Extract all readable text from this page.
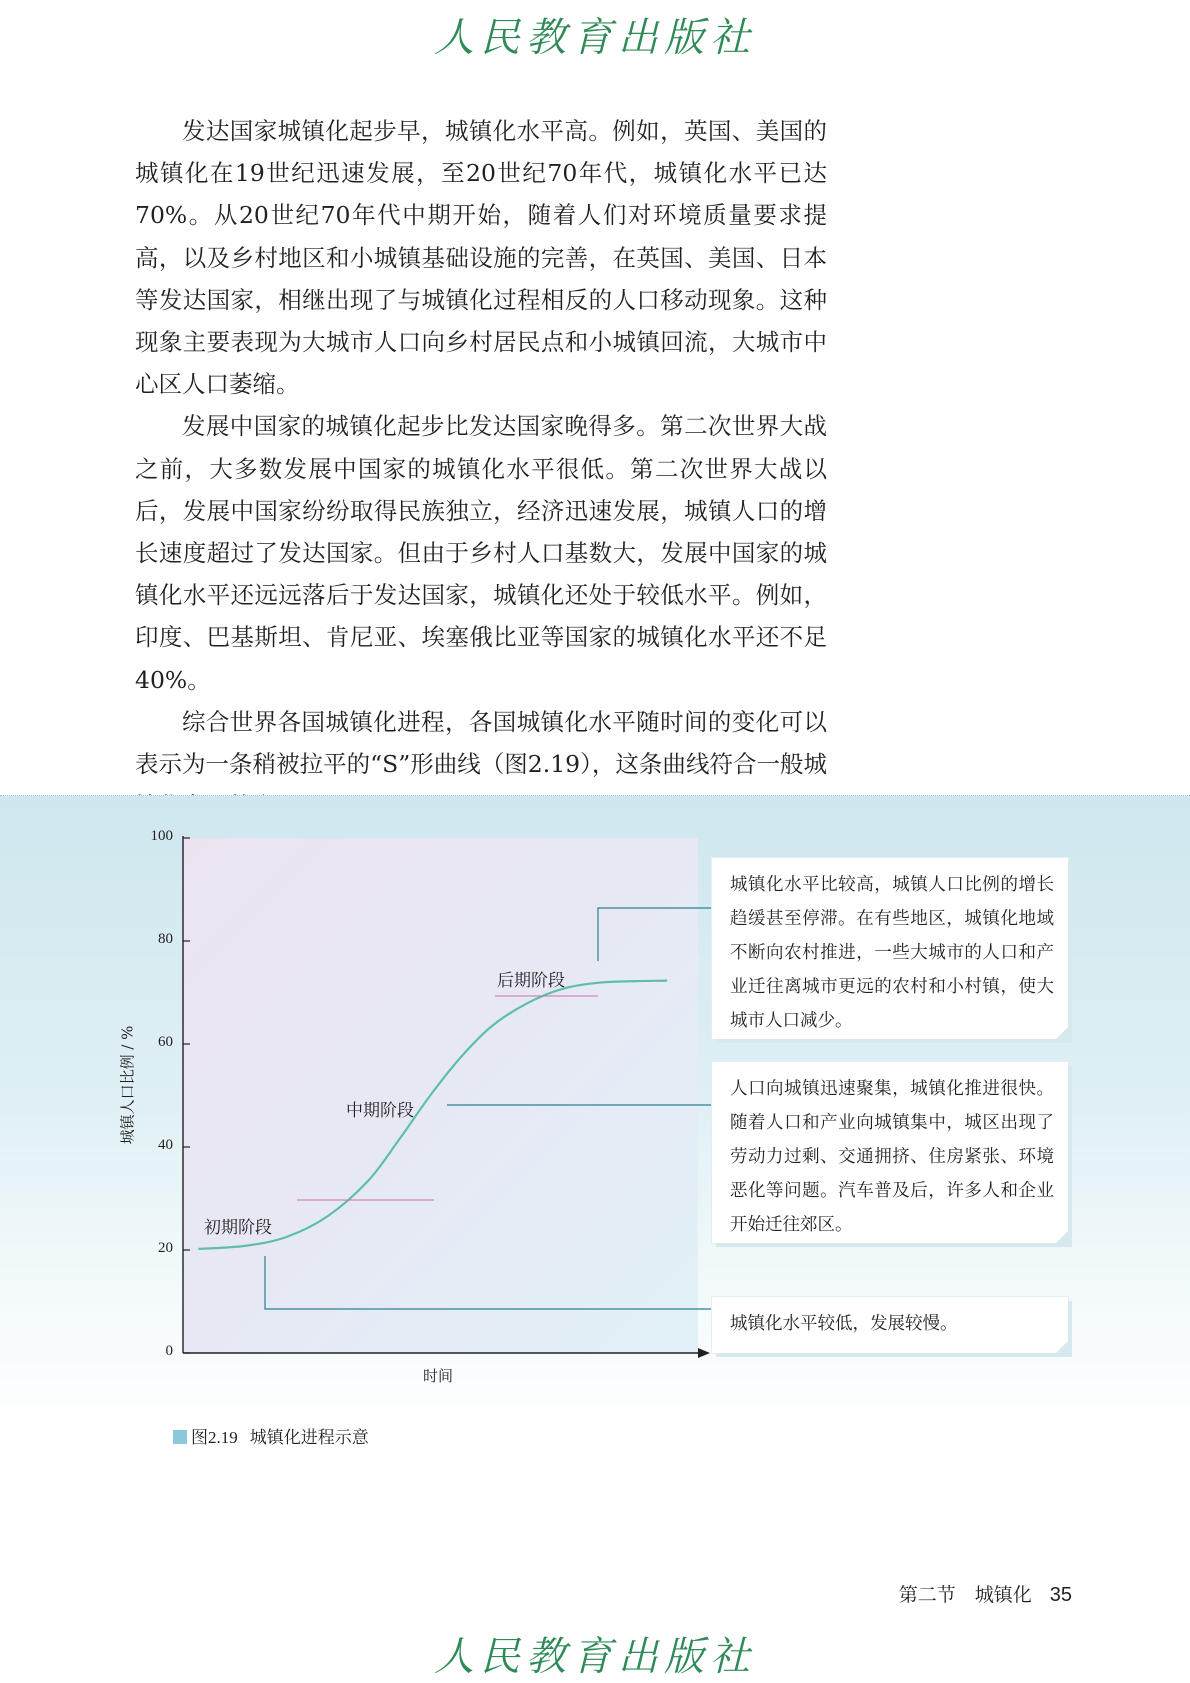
人民教育出版社

发达国家城镇化起步早，城镇化水平高。例如，英国、美国的城镇化在19世纪迅速发展，至20世纪70年代，城镇化水平已达70%。从20世纪70年代中期开始，随着人们对环境质量要求提高，以及乡村地区和小城镇基础设施的完善，在英国、美国、日本等发达国家，相继出现了与城镇化过程相反的人口移动现象。这种现象主要表现为大城市人口向乡村居民点和小城镇回流，大城市中心区人口萎缩。

发展中国家的城镇化起步比发达国家晚得多。第二次世界大战之前，大多数发展中国家的城镇化水平很低。第二次世界大战以后，发展中国家纷纷取得民族独立，经济迅速发展，城镇人口的增长速度超过了发达国家。但由于乡村人口基数大，发展中国家的城镇化水平还远远落后于发达国家，城镇化还处于较低水平。例如，印度、巴基斯坦、肯尼亚、埃塞俄比亚等国家的城镇化水平还不足40%。

综合世界各国城镇化进程，各国城镇化水平随时间的变化可以表示为一条稍被拉平的“S”形曲线（图2.19），这条曲线符合一般城

城镇人口比例 / %
0
20
40
60
80
100
时间
初期阶段
中期阶段
后期阶段
城镇化水平比较高，城镇人口比例的增长趋缓甚至停滞。在有些地区，城镇化地域不断向农村推进，一些大城市的人口和产业迁往离城市更远的农村和小村镇，使大城市人口减少。
人口向城镇迅速聚集，城镇化推进很快。随着人口和产业向城镇集中，城区出现了劳动力过剩、交通拥挤、住房紧张、环境恶化等问题。汽车普及后，许多人和企业开始迁往郊区。
城镇化水平较低，发展较慢。
图2.19 城镇化进程示意
第二节　城镇化 35
人民教育出版社
